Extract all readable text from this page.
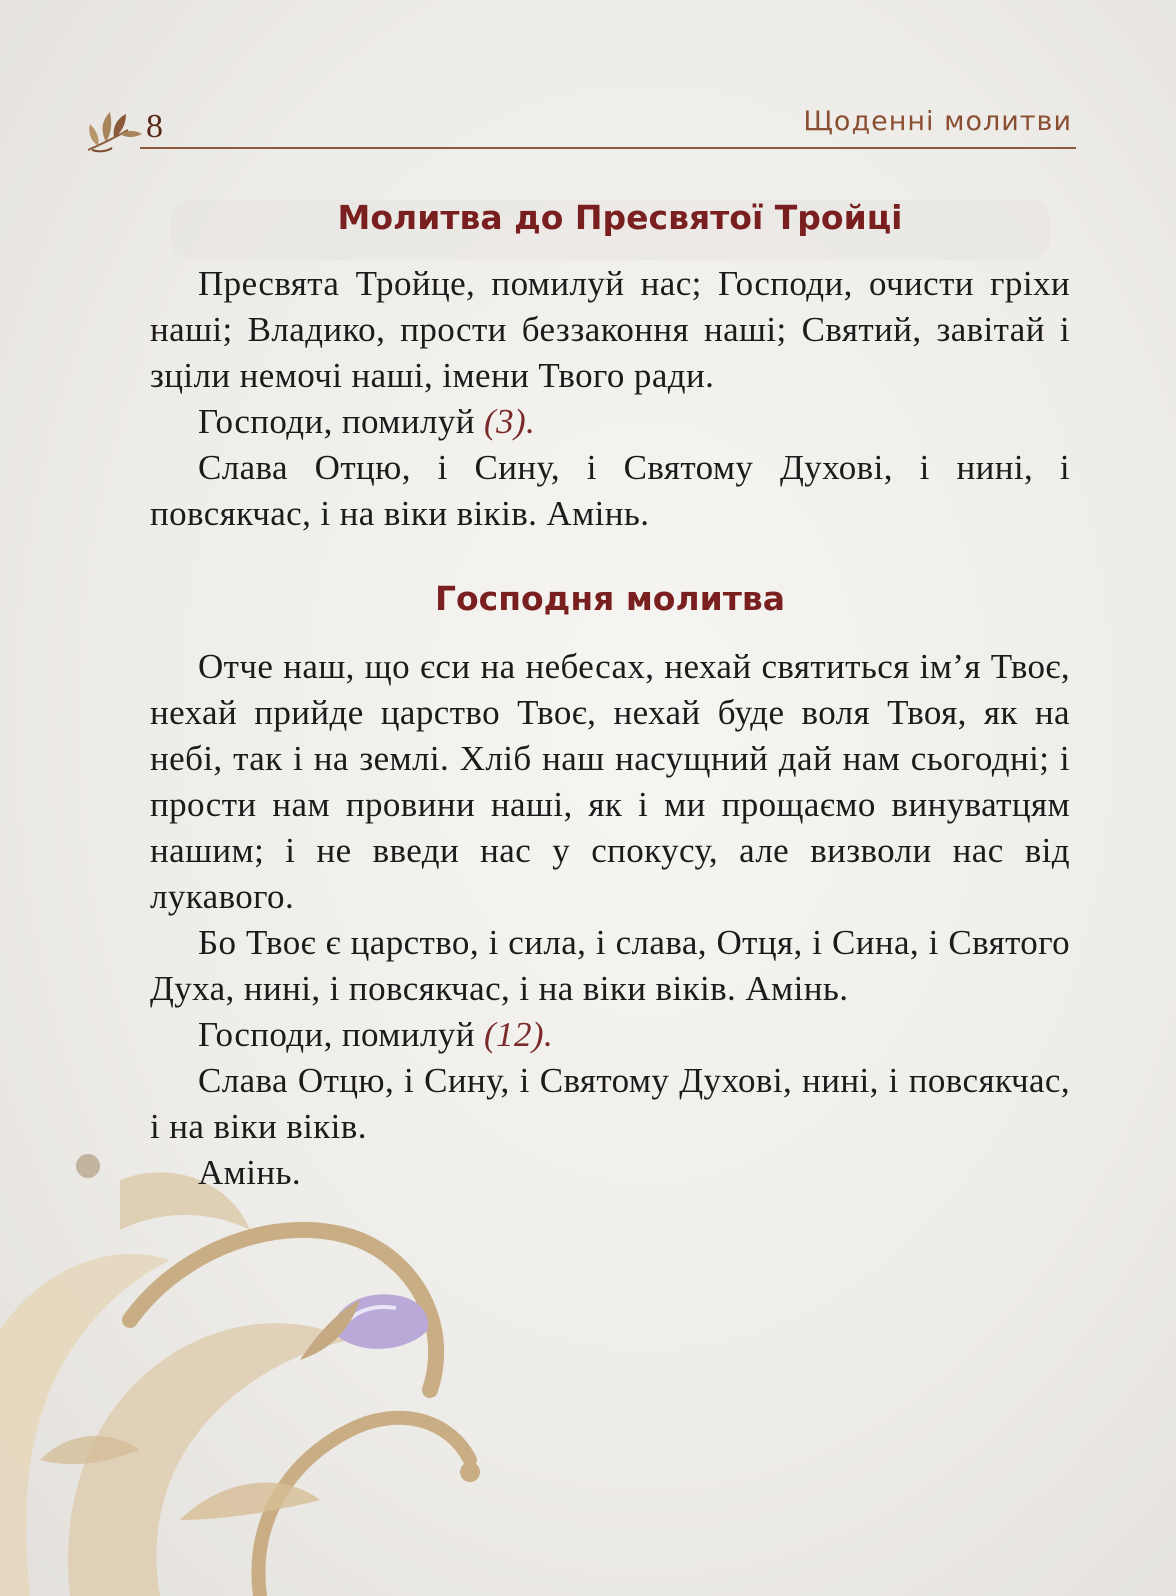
8	Щоденні молитви
Молитва до Пресвятої Тройці

Пресвята Тройце, помилуй нас; Господи, очисти гріхи наші; Владико, прости беззаконня наші; Святий, завітай і зціли немочі наші, імени Твого ради.

Господи, помилуй (3).

Слава Отцю, і Сину, і Святому Духові, і нині, і повсякчас, і на віки віків. Амінь.

Господня молитва

Отче наш, що єси на небесах, нехай святиться ім’я Твоє, нехай прийде царство Твоє, нехай буде воля Твоя, як на небі, так і на землі. Хліб наш насущний дай нам сьогодні; і прости нам провини наші, як і ми прощаємо винуватцям нашим; і не введи нас у спокусу, але визволи нас від лукавого.

Бо Твоє є царство, і сила, і слава, Отця, і Сина, і Святого Духа, нині, і повсякчас, і на віки віків. Амінь.

Господи, помилуй (12).

Слава Отцю, і Сину, і Святому Духові, нині, і повсякчас, і на віки віків.

Амінь.
